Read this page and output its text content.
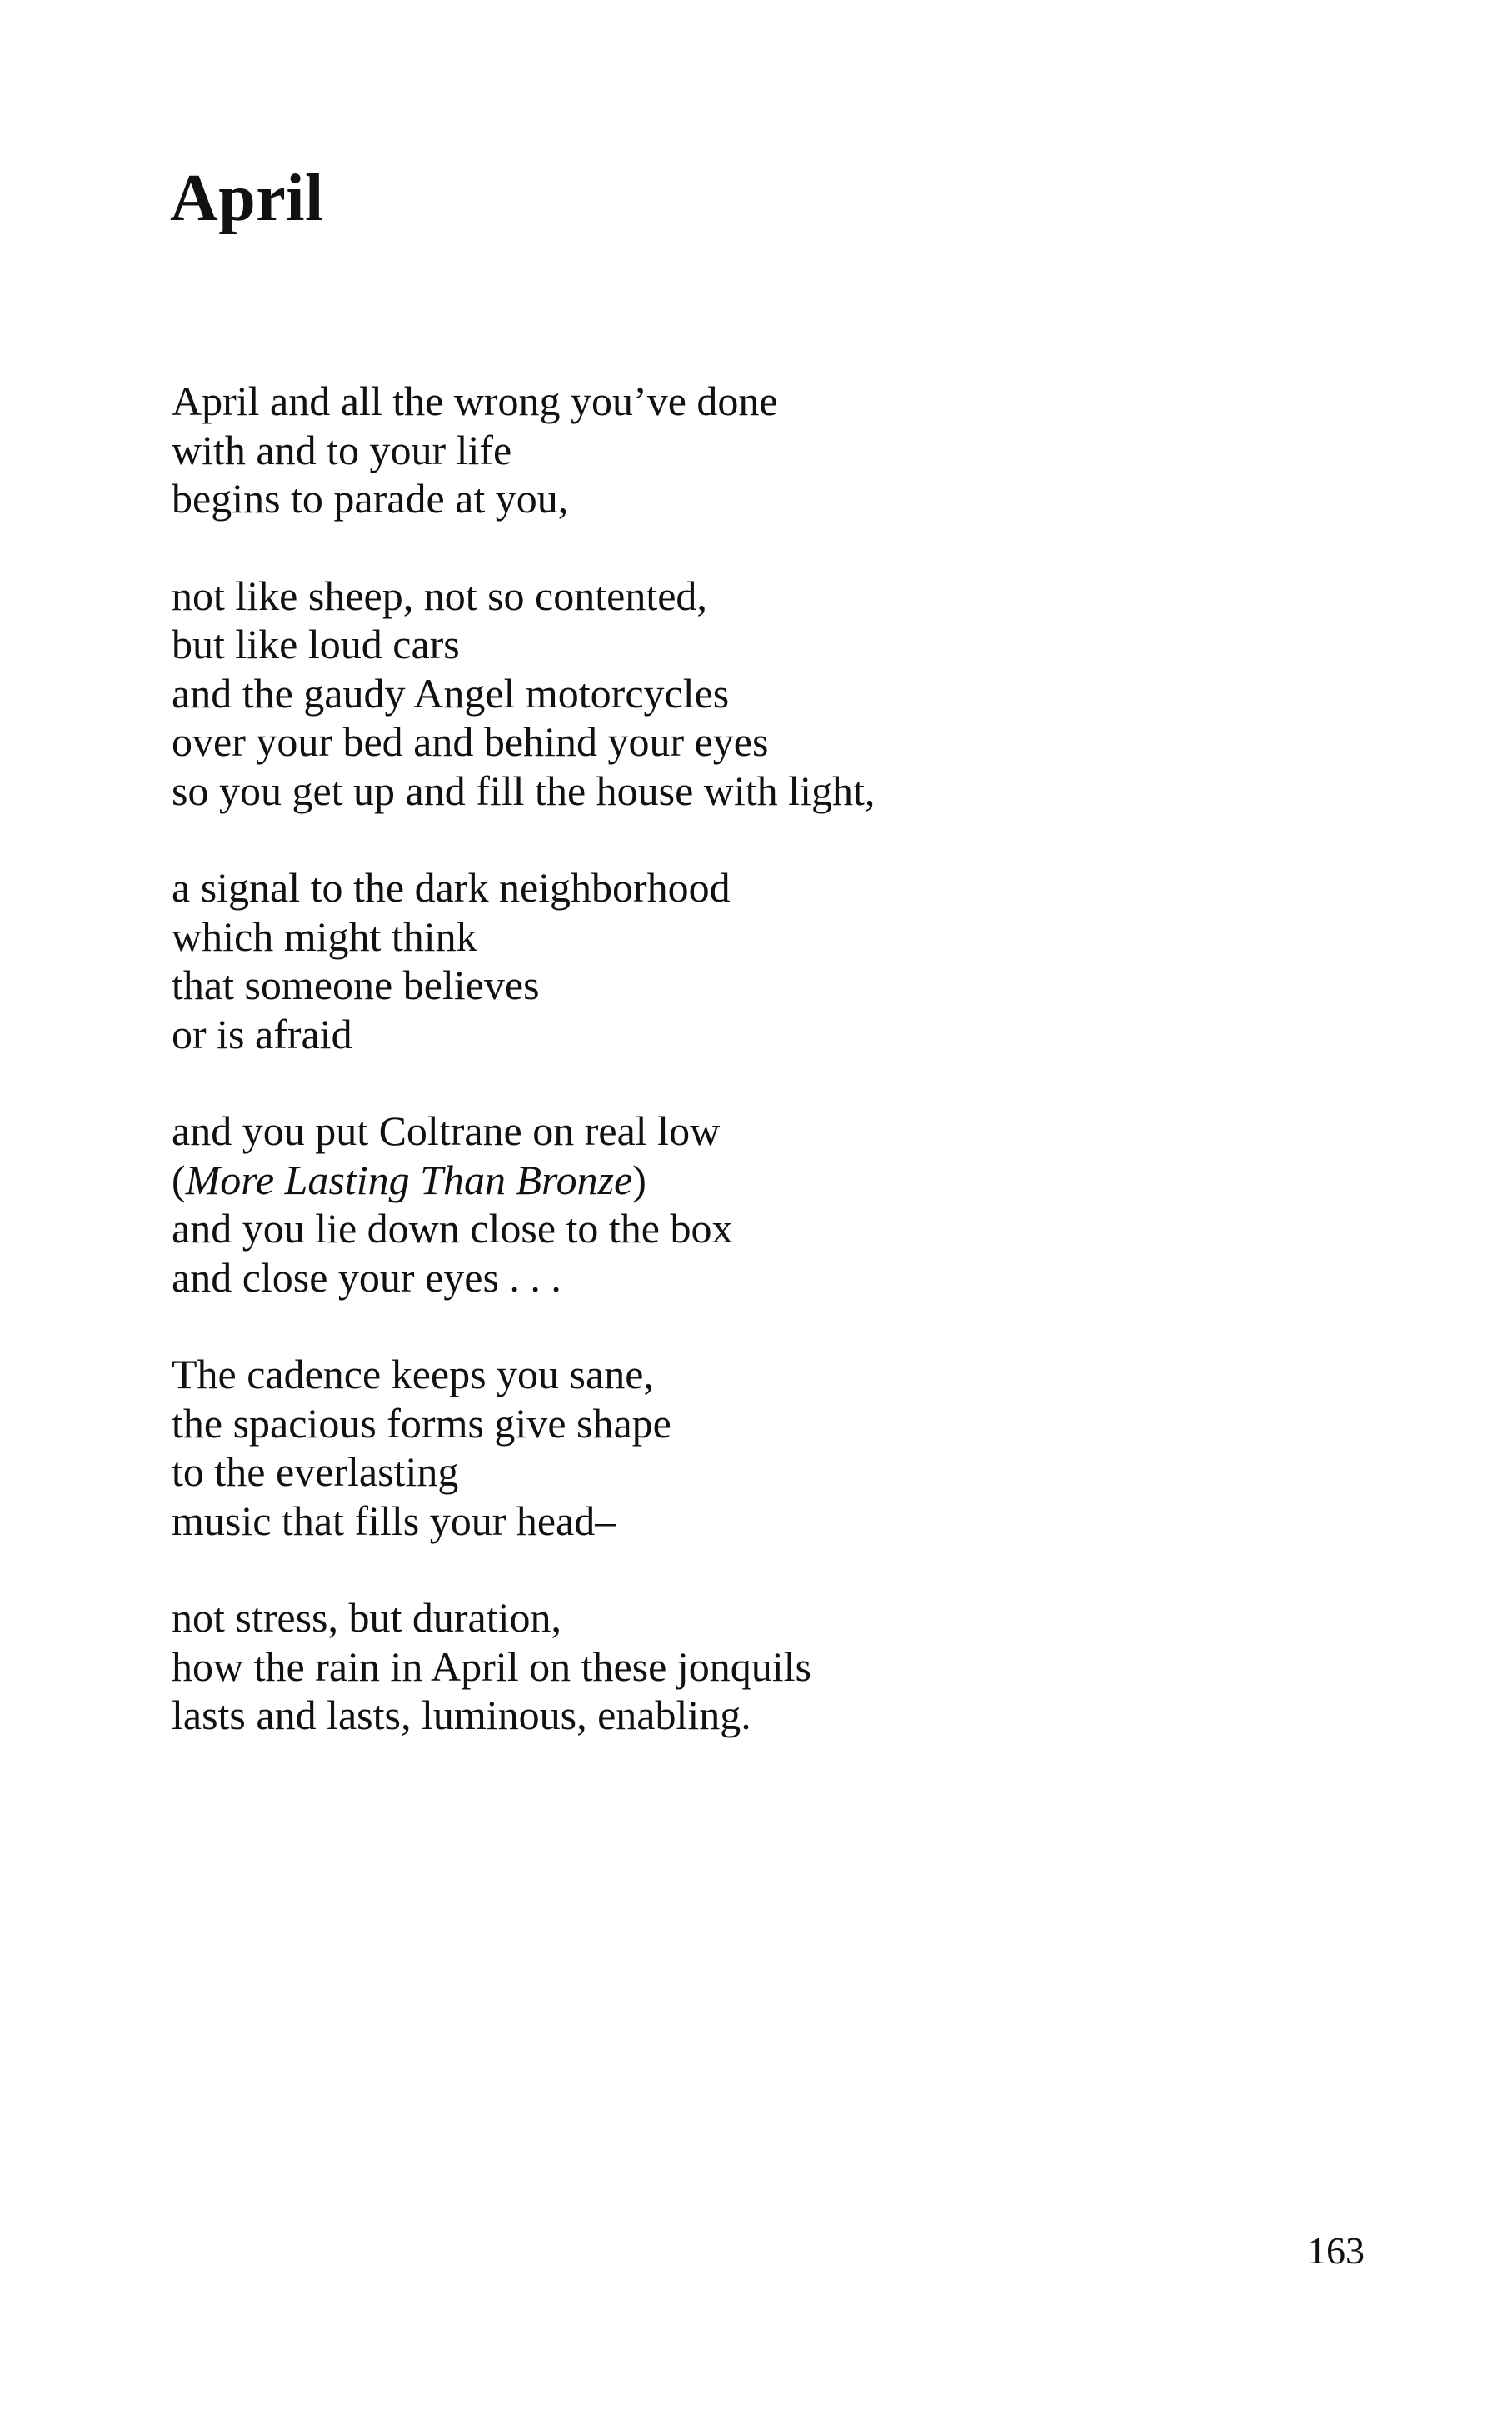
April
April and all the wrong you’ve done
with and to your life
begins to parade at you,
not like sheep, not so contented,
but like loud cars
and the gaudy Angel motorcycles
over your bed and behind your eyes
so you get up and fill the house with light,
a signal to the dark neighborhood
which might think
that someone believes
or is afraid
and you put Coltrane on real low
(More Lasting Than Bronze)
and you lie down close to the box
and close your eyes . . .
The cadence keeps you sane,
the spacious forms give shape
to the everlasting
music that fills your head–
not stress, but duration,
how the rain in April on these jonquils
lasts and lasts, luminous, enabling.
163
